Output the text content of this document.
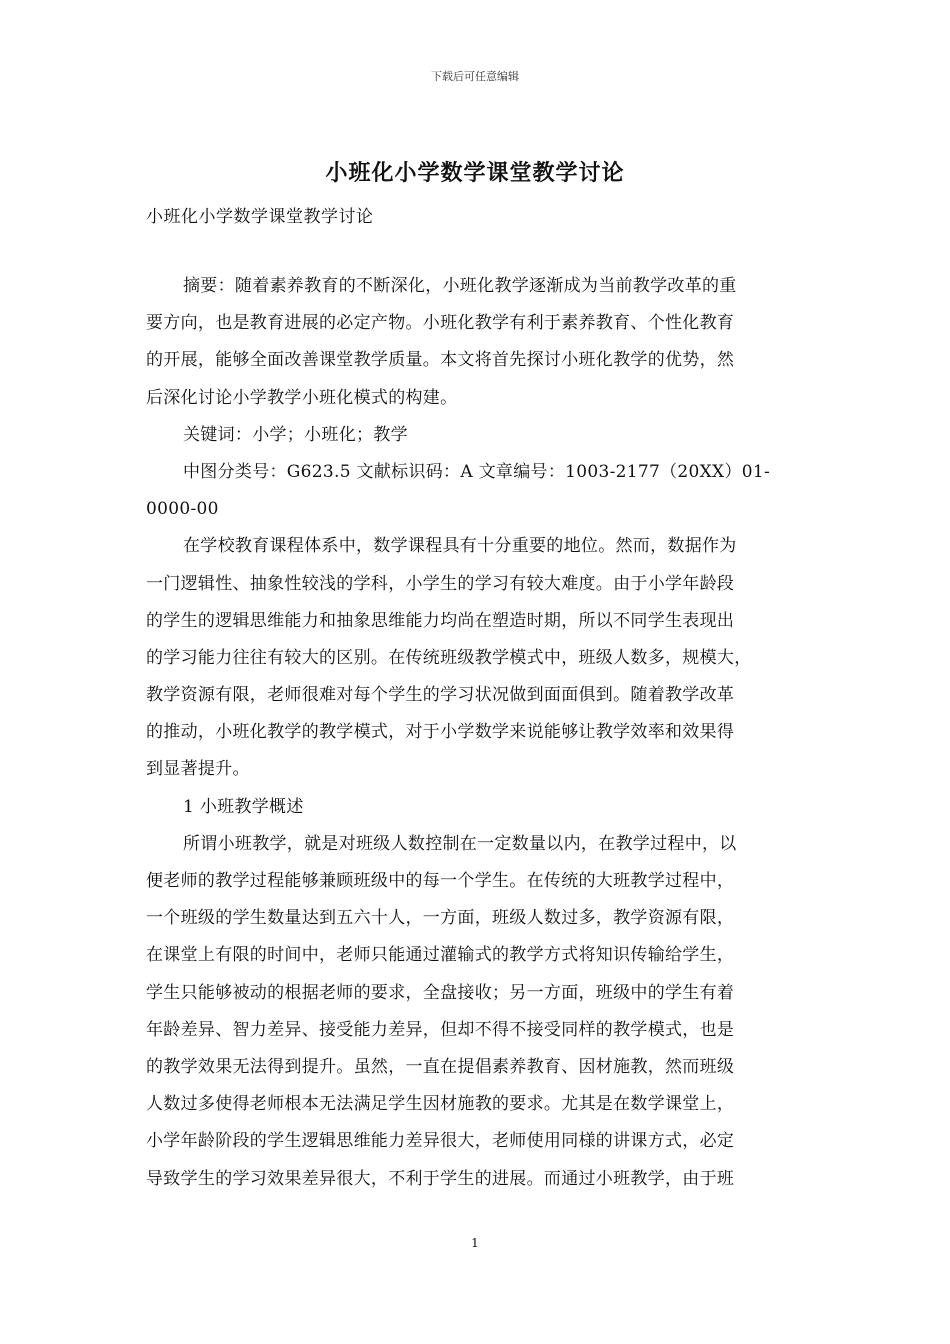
下载后可任意编辑
小班化小学数学课堂教学讨论
小班化小学数学课堂教学讨论
摘要：随着素养教育的不断深化，小班化教学逐渐成为当前教学改革的重
要方向，也是教育进展的必定产物。小班化教学有利于素养教育、个性化教育
的开展，能够全面改善课堂教学质量。本文将首先探讨小班化教学的优势，然
后深化讨论小学教学小班化模式的构建。
关键词：小学；小班化；教学
中图分类号：G623.5 文献标识码：A 文章编号：1003-2177（20XX）01-
0000-00
在学校教育课程体系中，数学课程具有十分重要的地位。然而，数据作为
一门逻辑性、抽象性较浅的学科，小学生的学习有较大难度。由于小学年龄段
的学生的逻辑思维能力和抽象思维能力均尚在塑造时期，所以不同学生表现出
的学习能力往往有较大的区别。在传统班级教学模式中，班级人数多，规模大，
教学资源有限，老师很难对每个学生的学习状况做到面面俱到。随着教学改革
的推动，小班化教学的教学模式，对于小学数学来说能够让教学效率和效果得
到显著提升。
1 小班教学概述
所谓小班教学，就是对班级人数控制在一定数量以内，在教学过程中，以
便老师的教学过程能够兼顾班级中的每一个学生。在传统的大班教学过程中，
一个班级的学生数量达到五六十人，一方面，班级人数过多，教学资源有限，
在课堂上有限的时间中，老师只能通过灌输式的教学方式将知识传输给学生，
学生只能够被动的根据老师的要求，全盘接收；另一方面，班级中的学生有着
年龄差异、智力差异、接受能力差异，但却不得不接受同样的教学模式，也是
的教学效果无法得到提升。虽然，一直在提倡素养教育、因材施教，然而班级
人数过多使得老师根本无法满足学生因材施教的要求。尤其是在数学课堂上，
小学年龄阶段的学生逻辑思维能力差异很大，老师使用同様的讲课方式，必定
导致学生的学习效果差异很大，不利于学生的进展。而通过小班教学，由于班
1
